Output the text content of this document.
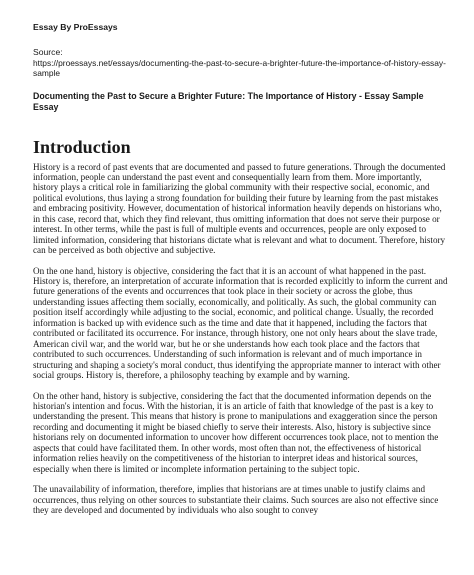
Essay By ProEssays

Source:

https://proessays.net/essays/documenting-the-past-to-secure-a-brighter-future-the-importance-of-history-essay-sample

Documenting the Past to Secure a Brighter Future: The Importance of History - Essay Sample Essay

Introduction

History is a record of past events that are documented and passed to future generations. Through the documented information, people can understand the past event and consequentially learn from them. More importantly, history plays a critical role in familiarizing the global community with their respective social, economic, and political evolutions, thus laying a strong foundation for building their future by learning from the past mistakes and embracing positivity. However, documentation of historical information heavily depends on historians who, in this case, record that, which they find relevant, thus omitting information that does not serve their purpose or interest. In other terms, while the past is full of multiple events and occurrences, people are only exposed to limited information, considering that historians dictate what is relevant and what to document. Therefore, history can be perceived as both objective and subjective.

On the one hand, history is objective, considering the fact that it is an account of what happened in the past. History is, therefore, an interpretation of accurate information that is recorded explicitly to inform the current and future generations of the events and occurrences that took place in their society or across the globe, thus understanding issues affecting them socially, economically, and politically. As such, the global community can position itself accordingly while adjusting to the social, economic, and political change. Usually, the recorded information is backed up with evidence such as the time and date that it happened, including the factors that contributed or facilitated its occurrence. For instance, through history, one not only hears about the slave trade, American civil war, and the world war, but he or she understands how each took place and the factors that contributed to such occurrences. Understanding of such information is relevant and of much importance in structuring and shaping a society's moral conduct, thus identifying the appropriate manner to interact with other social groups. History is, therefore, a philosophy teaching by example and by warning.

On the other hand, history is subjective, considering the fact that the documented information depends on the historian's intention and focus. With the historian, it is an article of faith that knowledge of the past is a key to understanding the present. This means that history is prone to manipulations and exaggeration since the person recording and documenting it might be biased chiefly to serve their interests. Also, history is subjective since historians rely on documented information to uncover how different occurrences took place, not to mention the aspects that could have facilitated them. In other words, most often than not, the effectiveness of historical information relies heavily on the competitiveness of the historian to interpret ideas and historical sources, especially when there is limited or incomplete information pertaining to the subject topic.

The unavailability of information, therefore, implies that historians are at times unable to justify claims and occurrences, thus relying on other sources to substantiate their claims. Such sources are also not effective since they are developed and documented by individuals who also sought to convey
